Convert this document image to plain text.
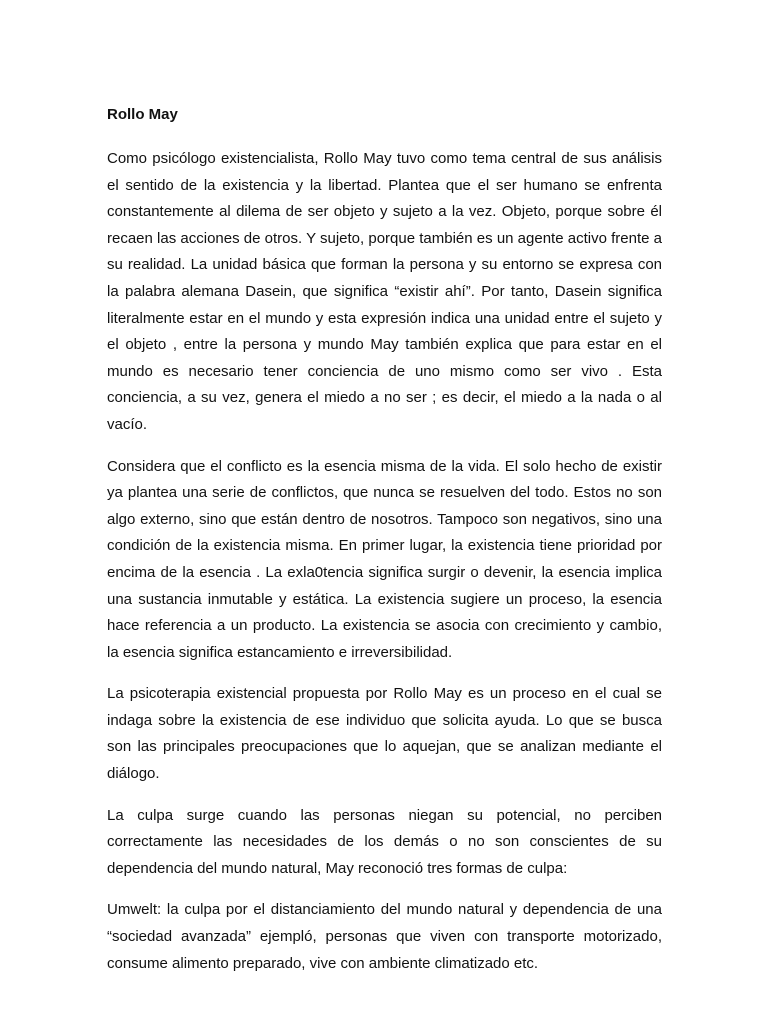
Rollo May

Como psicólogo existencialista, Rollo May tuvo como tema central de sus análisis el sentido de la existencia y la libertad. Plantea que el ser humano se enfrenta constantemente al dilema de ser objeto y sujeto a la vez. Objeto, porque sobre él recaen las acciones de otros. Y sujeto, porque también es un agente activo frente a su realidad. La unidad básica que forman la persona y su entorno se expresa con la palabra alemana Dasein, que significa “existir ahí”. Por tanto, Dasein significa literalmente estar en el mundo y esta expresión indica una unidad entre el sujeto y el objeto , entre la persona y mundo May también explica que para estar en el mundo es necesario tener conciencia de uno mismo como ser vivo . Esta conciencia, a su vez, genera el miedo a no ser ; es decir, el miedo a la nada o al vacío.

Considera que el conflicto es la esencia misma de la vida. El solo hecho de existir ya plantea una serie de conflictos, que nunca se resuelven del todo. Estos no son algo externo, sino que están dentro de nosotros. Tampoco son negativos, sino una condición de la existencia misma. En primer lugar, la existencia tiene prioridad por encima de la esencia . La exla0tencia significa surgir o devenir, la esencia implica una sustancia inmutable y estática. La existencia sugiere un proceso, la esencia hace referencia a un producto. La existencia se asocia con crecimiento y cambio, la esencia significa estancamiento e irreversibilidad.

La psicoterapia existencial propuesta por Rollo May es un proceso en el cual se indaga sobre la existencia de ese individuo que solicita ayuda. Lo que se busca son las principales preocupaciones que lo aquejan, que se analizan mediante el diálogo.

La culpa surge cuando las personas niegan su potencial, no perciben correctamente las necesidades de los demás o no son conscientes de su dependencia del mundo natural, May reconoció tres formas de culpa:

Umwelt: la culpa por el distanciamiento del mundo natural y dependencia de una “sociedad avanzada” ejempló, personas que viven con transporte motorizado, consume alimento preparado, vive con ambiente climatizado etc.
